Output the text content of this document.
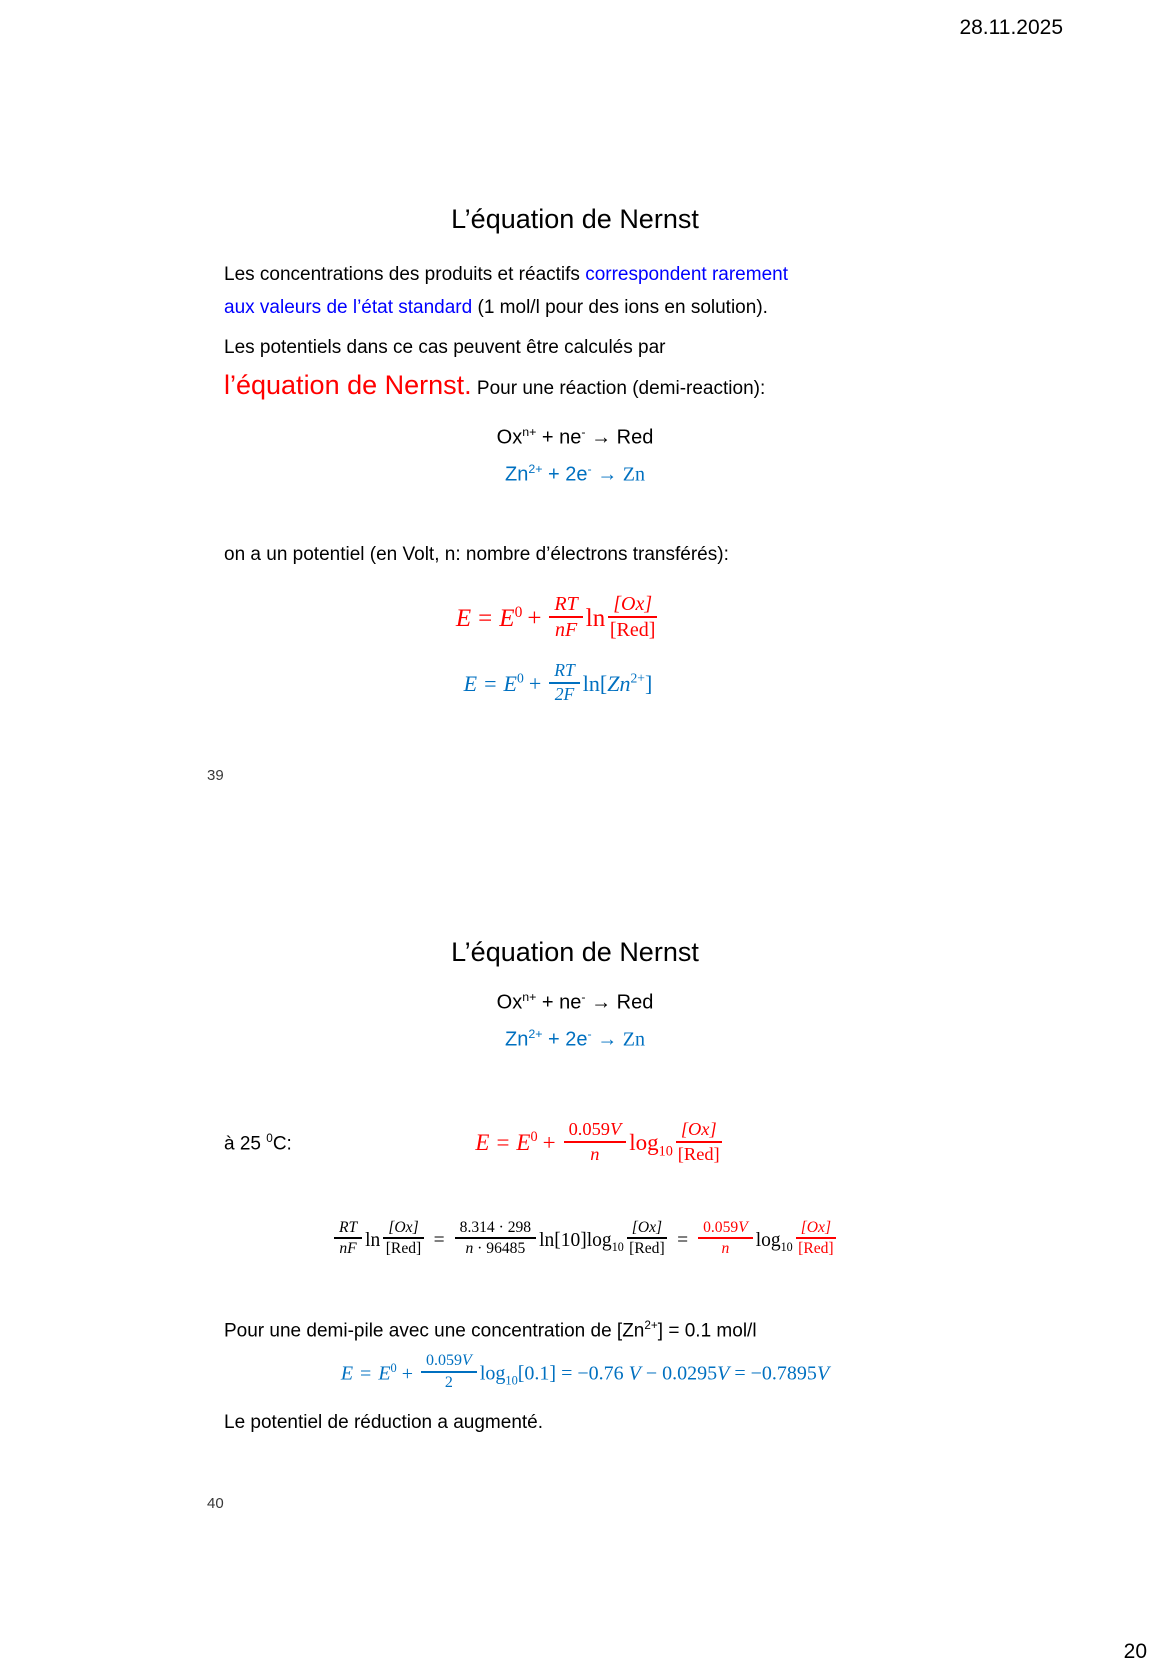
28.11.2025
L’équation de Nernst
Les concentrations des produits et réactifs correspondent rarement
aux valeurs de l’état standard (1 mol/l pour des ions en solution).
Les potentiels dans ce cas peuvent être calculés par
l’équation de Nernst. Pour une réaction (demi-reaction):
$Ox^{n+} + ne^-$ → Red
$Zn^{2+} + 2e^- \to Zn$
on a un potentiel (en Volt, n: nombre d’électrons transférés):
$E = E^0 + \frac{RT}{nF}$ $\ln \frac{[Ox]}{\text{[Red]}}$
$E = E^0 + \frac{RT}{2F} \ln[Zn^{2+}]$
39
L’équation de Nernst
$Ox^{n+} + ne^-$ → Red
$Zn^{2+} + 2e^- \to Zn$
à 25 $^0$C:	$E = E^0 + \frac{0.059V}{n} \log_{10} \frac{[Ox]}{\text{[Red]}}$
$\frac{RT}{nF}$ $\ln \frac{[Ox]}{\text{[Red]}} = \frac{8.314 \cdot 298}{n \cdot 96485} \ln[10]\log_{10} \frac{[Ox]}{\text{[Red]}} = \frac{0.059V}{n} \log_{10} \frac{[Ox]}{\text{[Red]}}$
Pour une demi-pile avec une concentration de $[Zn^{2+}] = 0.1$ mol/l
$E = E^0 + \frac{0.059V}{2} \log_{10}[0.1] = -0.76$ V − 0.0295V = −0.7895V
Le potentiel de réduction a augmenté.
40
20
